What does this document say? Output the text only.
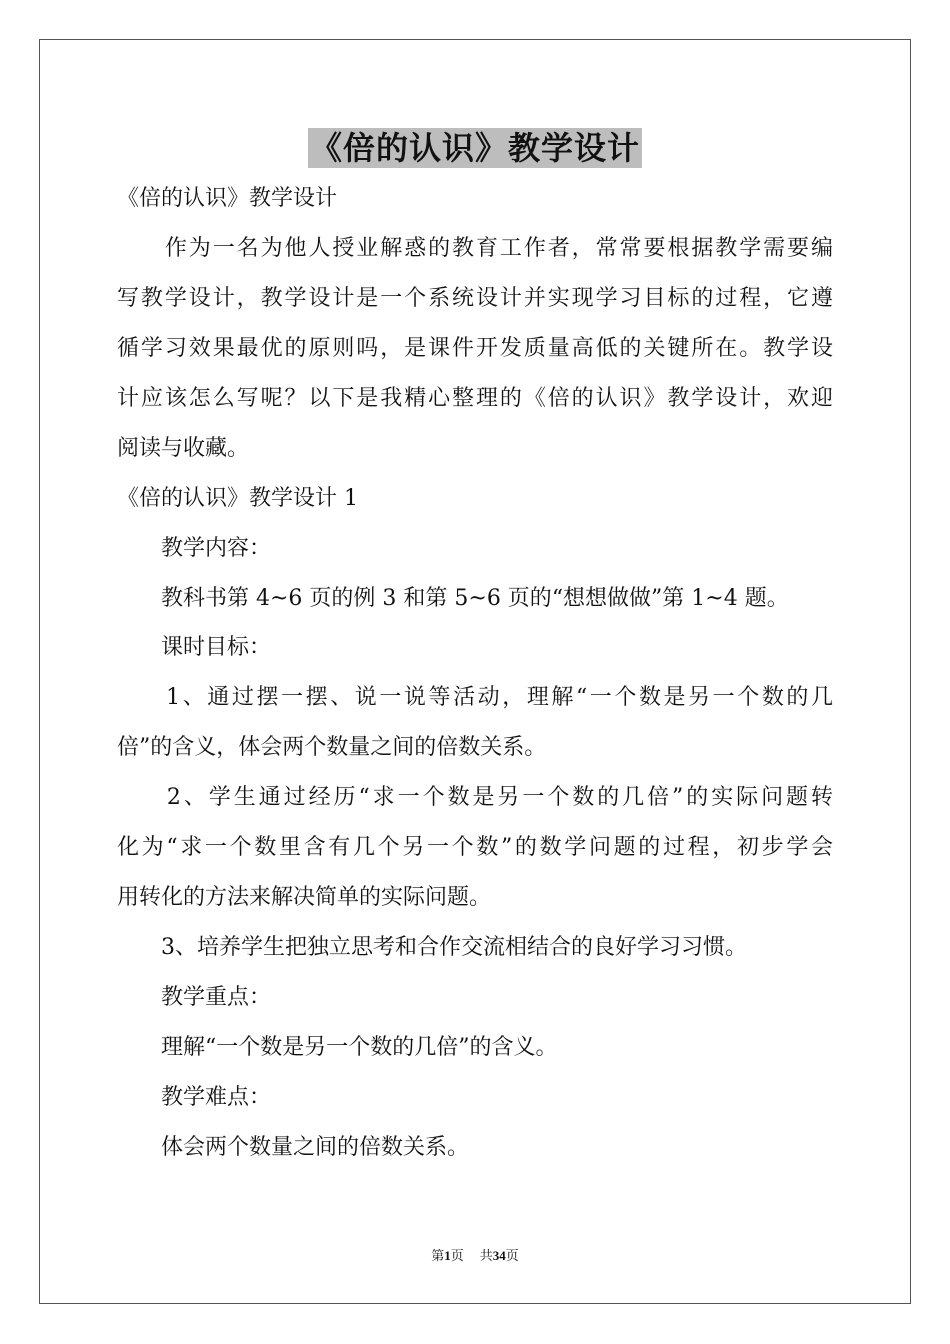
《倍的认识》教学设计
《倍的认识》教学设计
　　作为一名为他人授业解惑的教育工作者，常常要根据教学需要编
写教学设计，教学设计是一个系统设计并实现学习目标的过程，它遵
循学习效果最优的原则吗，是课件开发质量高低的关键所在。教学设
计应该怎么写呢？以下是我精心整理的《倍的认识》教学设计，欢迎
阅读与收藏。
《倍的认识》教学设计 1
　　教学内容：
　　教科书第 4~6 页的例 3 和第 5~6 页的“想想做做”第 1~4 题。
　　课时目标：
　　1、通过摆一摆、说一说等活动，理解“一个数是另一个数的几
倍”的含义，体会两个数量之间的倍数关系。
　　2、学生通过经历“求一个数是另一个数的几倍”的实际问题转
化为“求一个数里含有几个另一个数”的数学问题的过程，初步学会
用转化的方法来解决简单的实际问题。
　　3、培养学生把独立思考和合作交流相结合的良好学习习惯。
　　教学重点：
　　理解“一个数是另一个数的几倍”的含义。
　　教学难点：
　　体会两个数量之间的倍数关系。
第1页 共34页
